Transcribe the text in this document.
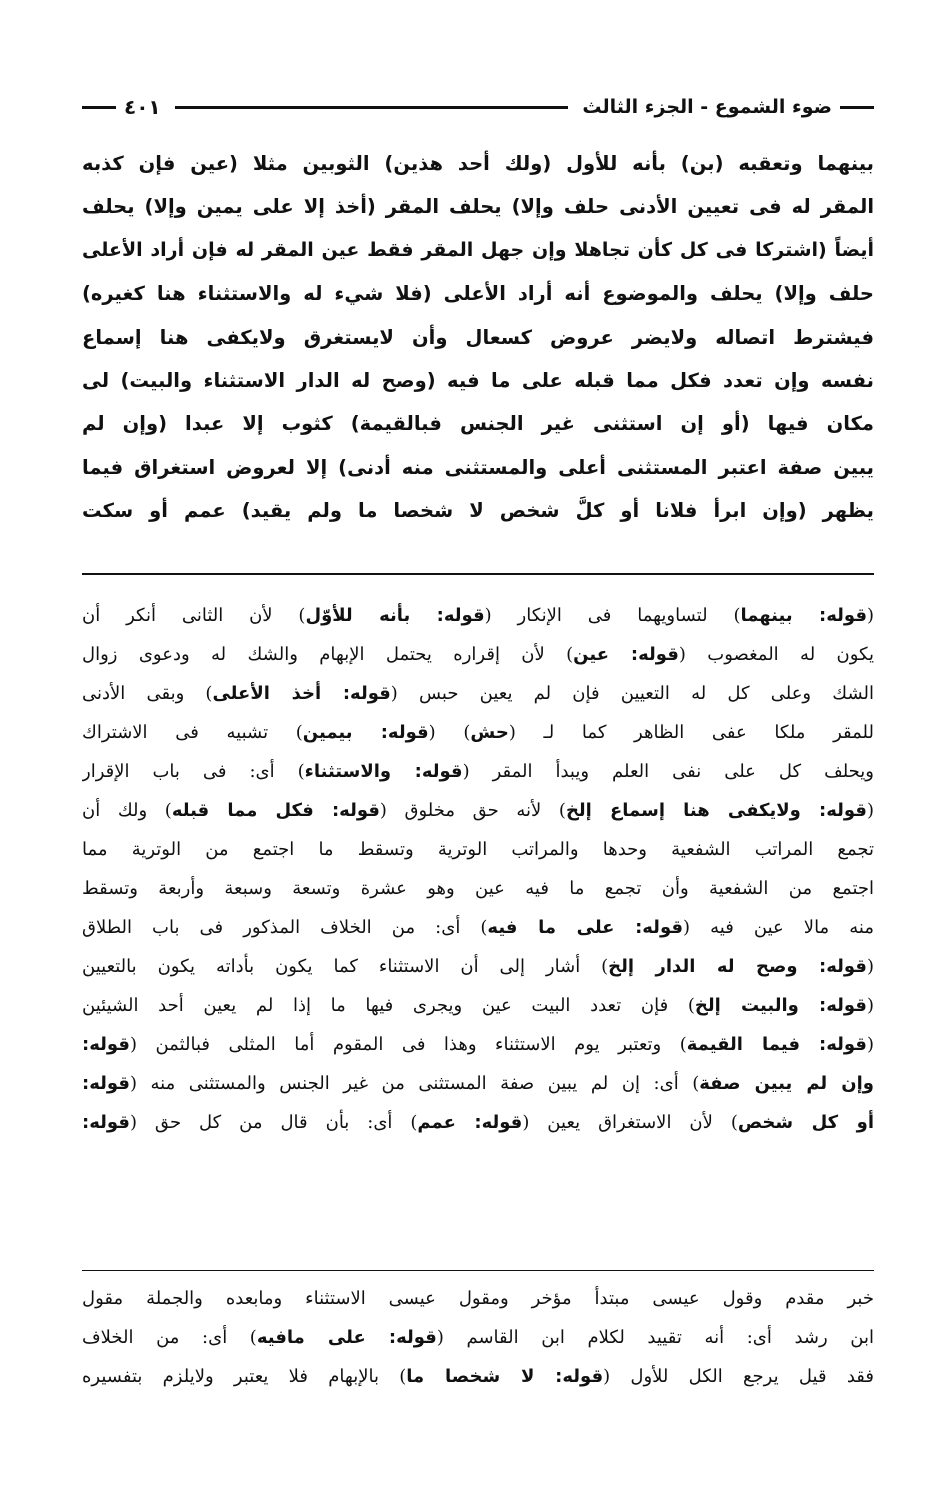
ضوء الشموع - الجزء الثالث
٤٠١
بينهما وتعقبه (بن) بأنه للأول (ولك أحد هذين) الثوبين مثلا (عين فإن كذبه
المقر له فى تعيين الأدنى حلف وإلا) يحلف المقر (أخذ إلا على يمين وإلا) يحلف
أيضاً (اشتركا فى كل كأن تجاهلا وإن جهل المقر فقط عين المقر له فإن أراد الأعلى
حلف وإلا) يحلف والموضوع أنه أراد الأعلى (فلا شيء له والاستثناء هنا كغيره)
فيشترط اتصاله ولايضر عروض كسعال وأن لايستغرق ولايكفى هنا إسماع
نفسه وإن تعدد فكل مما قبله على ما فيه (وصح له الدار الاستثناء والبيت) لى
مكان فيها (أو إن استثنى غير الجنس فبالقيمة) كثوب إلا عبدا (وإن لم
يبين صفة اعتبر المستثنى أعلى والمستثنى منه أدنى) إلا لعروض استغراق فيما
يظهر (وإن ابرأ فلانا أو كلَّ شخص لا شخصا ما ولم يقيد) عمم أو سكت
(قوله: بينهما) لتساويهما فى الإنكار (قوله: بأنه للأوّل) لأن الثانى أنكر أن
يكون له المغصوب (قوله: عين) لأن إقراره يحتمل الإبهام والشك له ودعوى زوال
الشك وعلى كل له التعيين فإن لم يعين حبس (قوله: أخذ الأعلى) وبقى الأدنى
للمقر ملكا عفى الظاهر كما لـ (حش) (قوله: بيمين) تشبيه فى الاشتراك
ويحلف كل على نفى العلم ويبدأ المقر (قوله: والاستثناء) أى: فى باب الإقرار
(قوله: ولايكفى هنا إسماع إلخ) لأنه حق مخلوق (قوله: فكل مما قبله) ولك أن
تجمع المراتب الشفعية وحدها والمراتب الوترية وتسقط ما اجتمع من الوترية مما
اجتمع من الشفعية وأن تجمع ما فيه عين وهو عشرة وتسعة وسبعة وأربعة وتسقط
منه مالا عين فيه (قوله: على ما فيه) أى: من الخلاف المذكور فى باب الطلاق
(قوله: وصح له الدار إلخ) أشار إلى أن الاستثناء كما يكون بأداته يكون بالتعيين
(قوله: والبيت إلخ) فإن تعدد البيت عين ويجرى فيها ما إذا لم يعين أحد الشيئين
(قوله: فيما القيمة) وتعتبر يوم الاستثناء وهذا فى المقوم أما المثلى فبالثمن (قوله:
وإن لم يبين صفة) أى: إن لم يبين صفة المستثنى من غير الجنس والمستثنى منه (قوله:
أو كل شخص) لأن الاستغراق يعين (قوله: عمم) أى: بأن قال من كل حق (قوله:
خبر مقدم وقول عيسى مبتدأ مؤخر ومقول عيسى الاستثناء ومابعده والجملة مقول
ابن رشد أى: أنه تقييد لكلام ابن القاسم (قوله: على مافيه) أى: من الخلاف
فقد قيل يرجع الكل للأول (قوله: لا شخصا ما) بالإبهام فلا يعتبر ولايلزم بتفسيره
